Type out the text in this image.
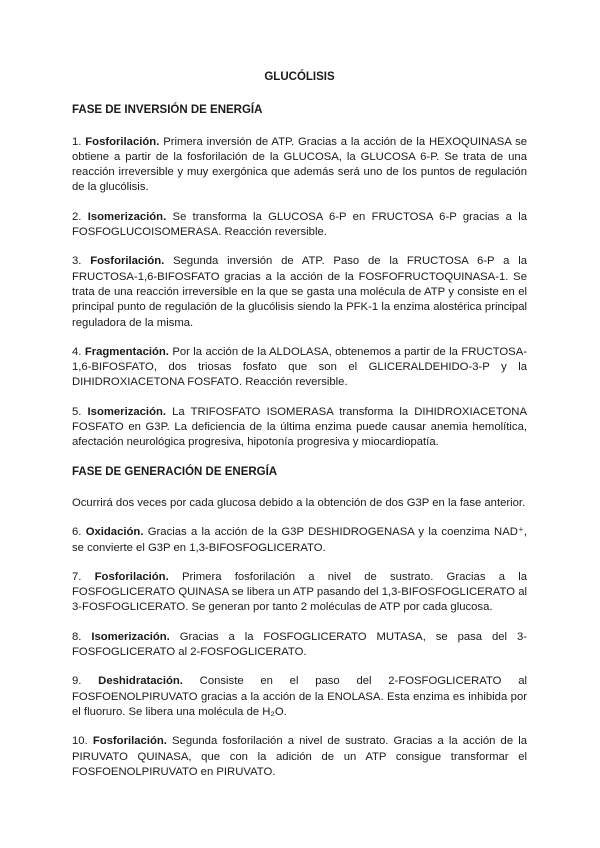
GLUCÓLISIS
FASE DE INVERSIÓN DE ENERGÍA

1. Fosforilación. Primera inversión de ATP. Gracias a la acción de la HEXOQUINASA se obtiene a partir de la fosforilación de la GLUCOSA, la GLUCOSA 6-P. Se trata de una reacción irreversible y muy exergónica que además será uno de los puntos de regulación de la glucólisis.

2. Isomerización. Se transforma la GLUCOSA 6-P en FRUCTOSA 6-P gracias a la FOSFOGLUCOISOMERASA. Reacción reversible.

3. Fosforilación. Segunda inversión de ATP. Paso de la FRUCTOSA 6-P a la FRUCTOSA-1,6-BIFOSFATO gracias a la acción de la FOSFOFRUCTOQUINASA-1. Se trata de una reacción irreversible en la que se gasta una molécula de ATP y consiste en el principal punto de regulación de la glucólisis siendo la PFK-1 la enzima alostérica principal reguladora de la misma.

4. Fragmentación. Por la acción de la ALDOLASA, obtenemos a partir de la FRUCTOSA-1,6-BIFOSFATO, dos triosas fosfato que son el GLICERALDEHIDO-3-P y la DIHIDROXIACETONA FOSFATO. Reacción reversible.

5. Isomerización. La TRIFOSFATO ISOMERASA transforma la DIHIDROXIACETONA FOSFATO en G3P. La deficiencia de la última enzima puede causar anemia hemolítica, afectación neurológica progresiva, hipotonía progresiva y miocardiopatía.

FASE DE GENERACIÓN DE ENERGÍA

Ocurrirá dos veces por cada glucosa debido a la obtención de dos G3P en la fase anterior.

6. Oxidación. Gracias a la acción de la G3P DESHIDROGENASA y la coenzima NAD⁺, se convierte el G3P en 1,3-BIFOSFOGLICERATO.

7. Fosforilación. Primera fosforilación a nivel de sustrato. Gracias a la FOSFOGLICERATO QUINASA se libera un ATP pasando del 1,3-BIFOSFOGLICERATO al 3-FOSFOGLICERATO. Se generan por tanto 2 moléculas de ATP por cada glucosa.

8. Isomerización. Gracias a la FOSFOGLICERATO MUTASA, se pasa del 3-FOSFOGLICERATO al 2-FOSFOGLICERATO.

9. Deshidratación. Consiste en el paso del 2-FOSFOGLICERATO al FOSFOENOLPIRUVATO gracias a la acción de la ENOLASA. Esta enzima es inhibida por el fluoruro. Se libera una molécula de H₂O.

10. Fosforilación. Segunda fosforilación a nivel de sustrato. Gracias a la acción de la PIRUVATO QUINASA, que con la adición de un ATP consigue transformar el FOSFOENOLPIRUVATO en PIRUVATO.
